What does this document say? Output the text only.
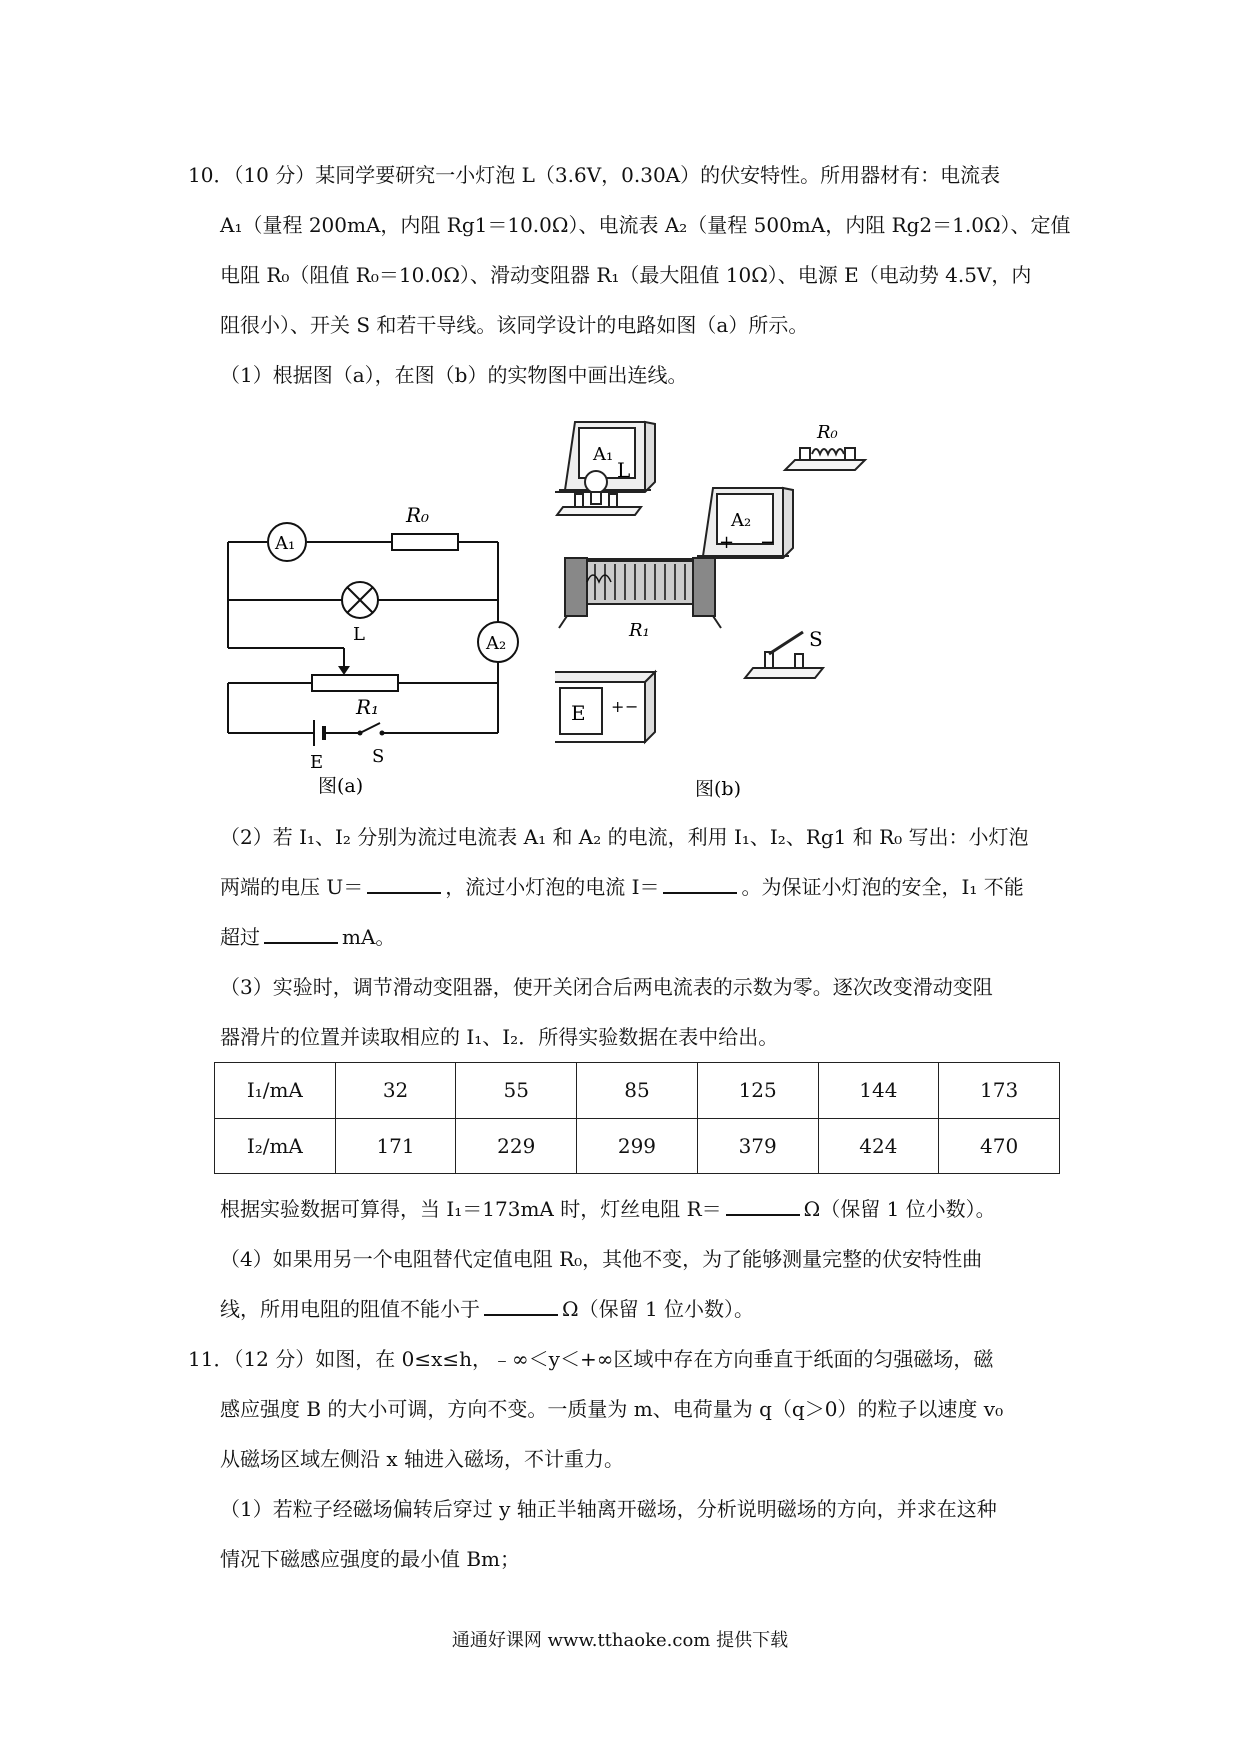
10．（10 分）某同学要研究一小灯泡 L（3.6V，0.30A）的伏安特性。所用器材有：电流表
A₁（量程 200mA，内阻 Rg1＝10.0Ω）、电流表 A₂（量程 500mA，内阻 Rg2＝1.0Ω）、定值
电阻 R₀（阻值 R₀＝10.0Ω）、滑动变阻器 R₁（最大阻值 10Ω）、电源 E（电动势 4.5V，内
阻很小）、开关 S 和若干导线。该同学设计的电路如图（a）所示。
（1）根据图（a），在图（b）的实物图中画出连线。
A₁
R₀
L	A₂
R₁
E	S
图(a)
A₁
R₀
L
A₂
+ −
R₁
E + −
S
图(b)
（2）若 I₁、I₂ 分别为流过电流表 A₁ 和 A₂ 的电流，利用 I₁、I₂、Rg1 和 R₀ 写出：小灯泡
两端的电压 U＝	，流过小灯泡的电流 I＝	。为保证小灯泡的安全，I₁ 不能
超过	mA。
（3）实验时，调节滑动变阻器，使开关闭合后两电流表的示数为零。逐次改变滑动变阻
器滑片的位置并读取相应的 I₁、I₂．所得实验数据在表中给出。
I₁/mA	32	55	85	125	144	173
I₂/mA	171	229	299	379	424	470
根据实验数据可算得，当 I₁＝173mA 时，灯丝电阻 R＝	Ω（保留 1 位小数）。
（4）如果用另一个电阻替代定值电阻 R₀，其他不变，为了能够测量完整的伏安特性曲
线，所用电阻的阻值不能小于	Ω（保留 1 位小数）。
11．（12 分）如图，在 0≤x≤h，﹣∞＜y＜+∞区域中存在方向垂直于纸面的匀强磁场，磁
感应强度 B 的大小可调，方向不变。一质量为 m、电荷量为 q（q＞0）的粒子以速度 v₀
从磁场区域左侧沿 x 轴进入磁场，不计重力。
（1）若粒子经磁场偏转后穿过 y 轴正半轴离开磁场，分析说明磁场的方向，并求在这种
情况下磁感应强度的最小值 Bm；
通通好课网 www.tthaoke.com 提供下载
